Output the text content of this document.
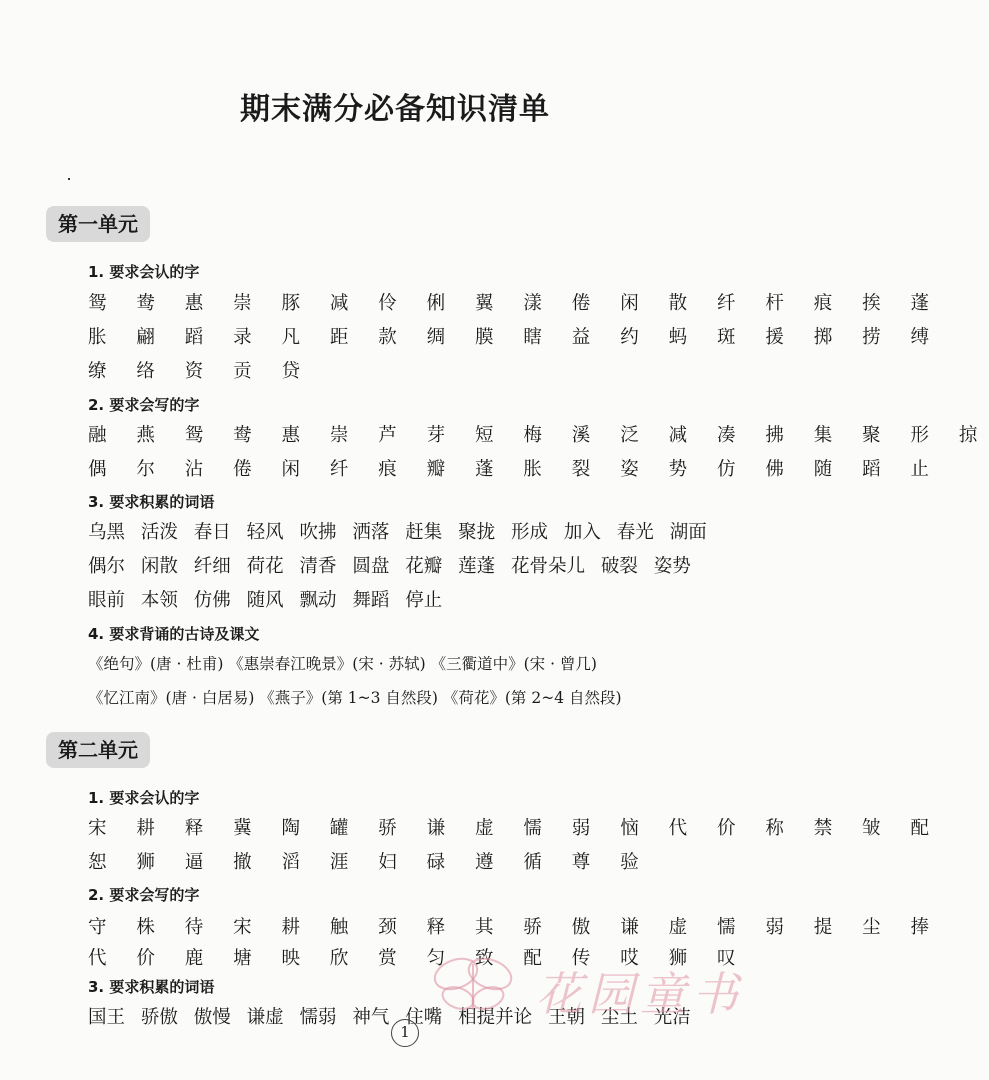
期末满分必备知识清单
第一单元
1. 要求会认的字
鸳 鸯 惠 崇 豚 减 伶 俐 翼 漾 倦 闲 散 纤 杆 痕 挨 蓬
胀 翩 蹈 录 凡 距 款 绸 膜 瞎 益 约 蚂 斑 援 掷 捞 缚
缭 络 资 贡 贷
2. 要求会写的字
融 燕 鸳 鸯 惠 崇 芦 芽 短 梅 溪 泛 减 凑 拂 集 聚 形 掠
偶 尔 沾 倦 闲 纤 痕 瓣 蓬 胀 裂 姿 势 仿 佛 随 蹈 止
3. 要求积累的词语
乌黑 活泼 春日 轻风 吹拂 洒落 赶集 聚拢 形成 加入 春光 湖面
偶尔 闲散 纤细 荷花 清香 圆盘 花瓣 莲蓬 花骨朵儿 破裂 姿势
眼前 本领 仿佛 随风 飘动 舞蹈 停止
4. 要求背诵的古诗及课文
《绝句》(唐 · 杜甫) 《惠崇春江晚景》(宋 · 苏轼) 《三衢道中》(宋 · 曾几)
《忆江南》(唐 · 白居易) 《燕子》(第 1~3 自然段) 《荷花》(第 2~4 自然段)
第二单元
1. 要求会认的字
宋 耕 释 冀 陶 罐 骄 谦 虚 懦 弱 恼 代 价 称 禁 皱 配
恕 狮 逼 撤 滔 涯 妇 碌 遵 循 尊 验
2. 要求会写的字
守 株 待 宋 耕 触 颈 释 其 骄 傲 谦 虚 懦 弱 提 尘 捧
代 价 鹿 塘 映 欣 赏 匀 致 配 传 哎 狮 叹
3. 要求积累的词语
国王 骄傲 傲慢 谦虚 懦弱 神气 住嘴 相提并论 王朝 尘土 光洁
花园童书
1
